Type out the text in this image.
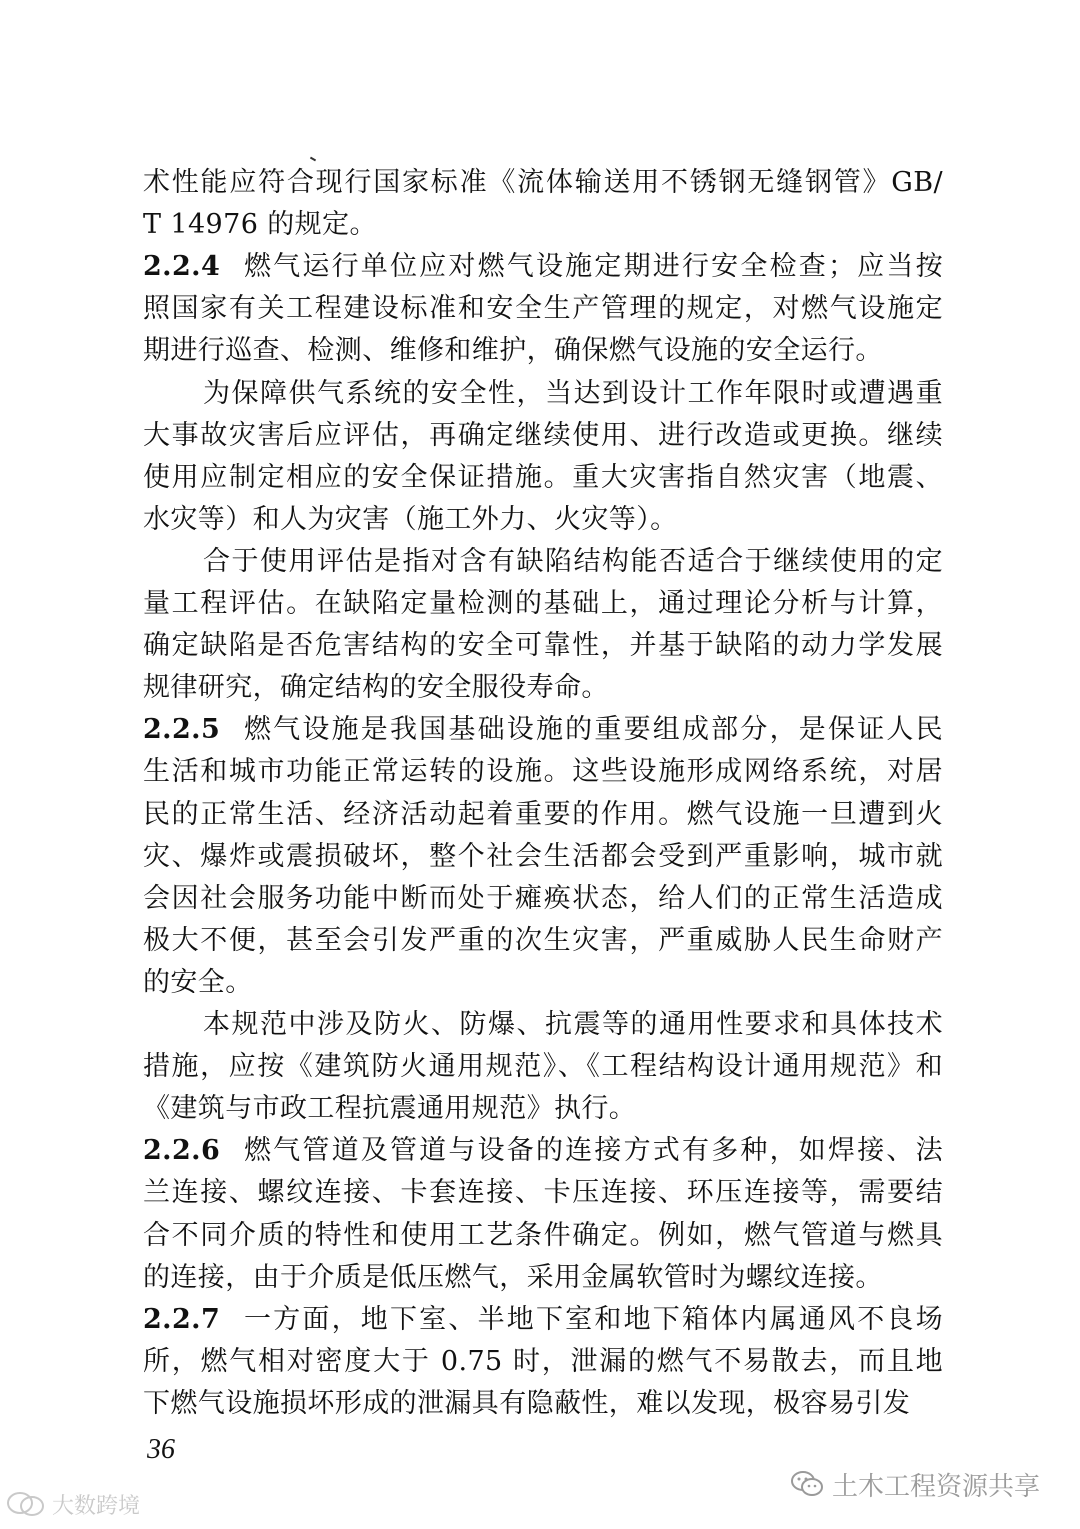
术性能应符合现行国家标准《流体输送用不锈钢无缝钢管》GB/
T 14976 的规定。
2.2.4 燃气运行单位应对燃气设施定期进行安全检查；应当按
照国家有关工程建设标准和安全生产管理的规定，对燃气设施定
期进行巡查、检测、维修和维护，确保燃气设施的安全运行。
为保障供气系统的安全性，当达到设计工作年限时或遭遇重
大事故灾害后应评估，再确定继续使用、进行改造或更换。继续
使用应制定相应的安全保证措施。重大灾害指自然灾害（地震、
水灾等）和人为灾害（施工外力、火灾等）。
合于使用评估是指对含有缺陷结构能否适合于继续使用的定
量工程评估。在缺陷定量检测的基础上，通过理论分析与计算，
确定缺陷是否危害结构的安全可靠性，并基于缺陷的动力学发展
规律研究，确定结构的安全服役寿命。
2.2.5 燃气设施是我国基础设施的重要组成部分，是保证人民
生活和城市功能正常运转的设施。这些设施形成网络系统，对居
民的正常生活、经济活动起着重要的作用。燃气设施一旦遭到火
灾、爆炸或震损破坏，整个社会生活都会受到严重影响，城市就
会因社会服务功能中断而处于瘫痪状态，给人们的正常生活造成
极大不便，甚至会引发严重的次生灾害，严重威胁人民生命财产
的安全。
本规范中涉及防火、防爆、抗震等的通用性要求和具体技术
措施，应按《建筑防火通用规范》、《工程结构设计通用规范》和
《建筑与市政工程抗震通用规范》执行。
2.2.6 燃气管道及管道与设备的连接方式有多种，如焊接、法
兰连接、螺纹连接、卡套连接、卡压连接、环压连接等，需要结
合不同介质的特性和使用工艺条件确定。例如，燃气管道与燃具
的连接，由于介质是低压燃气，采用金属软管时为螺纹连接。
2.2.7 一方面，地下室、半地下室和地下箱体内属通风不良场
所，燃气相对密度大于 0.75 时，泄漏的燃气不易散去，而且地
下燃气设施损坏形成的泄漏具有隐蔽性，难以发现，极容易引发
36
大数跨境
土木工程资源共享
